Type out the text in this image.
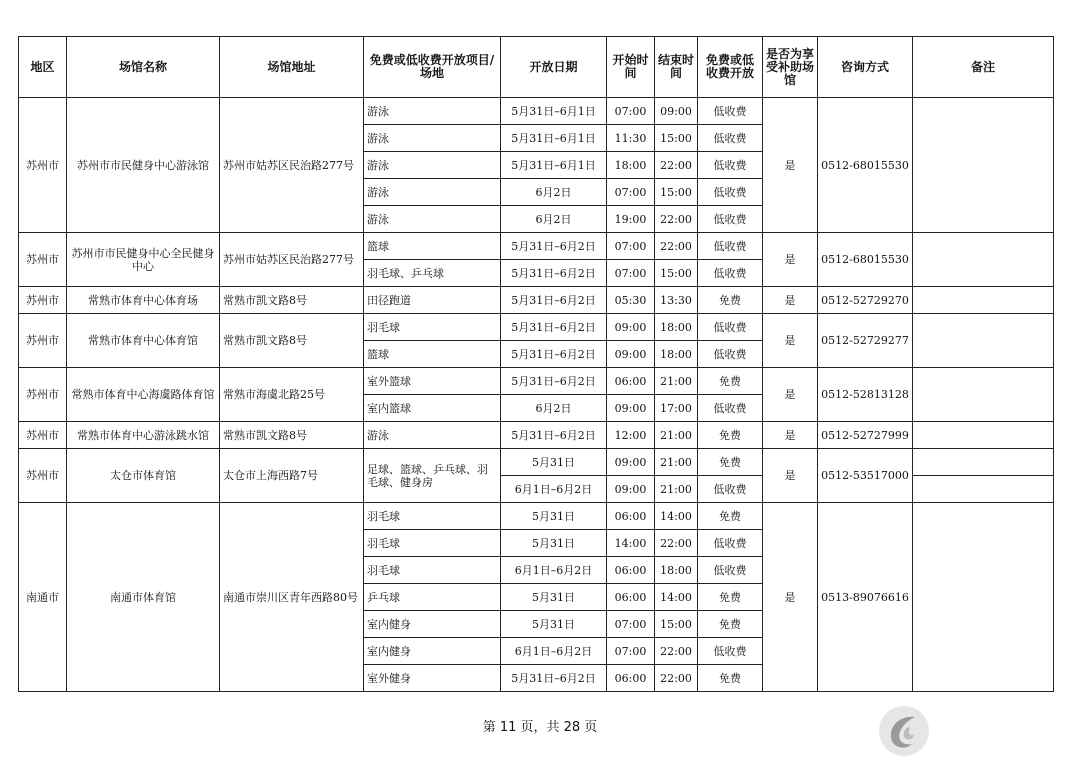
地区	场馆名称	场馆地址	免费或低收费开放项目/场地	开放日期	开始时间	结束时间	免费或低收费开放	是否为享受补助场馆	咨询方式	备注
苏州市	苏州市市民健身中心游泳馆	苏州市姑苏区民治路277号	游泳	5月31日–6月1日	07:00	09:00	低收费	是	0512-68015530	
			游泳	5月31日–6月1日	11:30	15:00	低收费			
			游泳	5月31日–6月1日	18:00	22:00	低收费			
			游泳	6月2日	07:00	15:00	低收费			
			游泳	6月2日	19:00	22:00	低收费			
苏州市	苏州市市民健身中心全民健身中心	苏州市姑苏区民治路277号	篮球	5月31日–6月2日	07:00	22:00	低收费	是	0512-68015530	
			羽毛球、乒乓球	5月31日–6月2日	07:00	15:00	低收费			
苏州市	常熟市体育中心体育场	常熟市凯文路8号	田径跑道	5月31日–6月2日	05:30	13:30	免费	是	0512-52729270	
苏州市	常熟市体育中心体育馆	常熟市凯文路8号	羽毛球	5月31日–6月2日	09:00	18:00	低收费	是	0512-52729277	
			篮球	5月31日–6月2日	09:00	18:00	低收费			
苏州市	常熟市体育中心海虞路体育馆	常熟市海虞北路25号	室外篮球	5月31日–6月2日	06:00	21:00	免费	是	0512-52813128	
			室内篮球	6月2日	09:00	17:00	低收费			
苏州市	常熟市体育中心游泳跳水馆	常熟市凯文路8号	游泳	5月31日–6月2日	12:00	21:00	免费	是	0512-52727999	
苏州市	太仓市体育馆	太仓市上海西路7号	足球、篮球、乒乓球、羽毛球、健身房	5月31日	09:00	21:00	免费	是	0512-53517000	
				6月1日–6月2日	09:00	21:00	低收费			
南通市	南通市体育馆	南通市崇川区青年西路80号	羽毛球	5月31日	06:00	14:00	免费	是	0513-89076616	
			羽毛球	5月31日	14:00	22:00	低收费			
			羽毛球	6月1日–6月2日	06:00	18:00	低收费			
			乒乓球	5月31日	06:00	14:00	免费			
			室内健身	5月31日	07:00	15:00	免费			
			室内健身	6月1日–6月2日	07:00	22:00	低收费			
			室外健身	5月31日–6月2日	06:00	22:00	免费			
第 11 页，共 28 页
